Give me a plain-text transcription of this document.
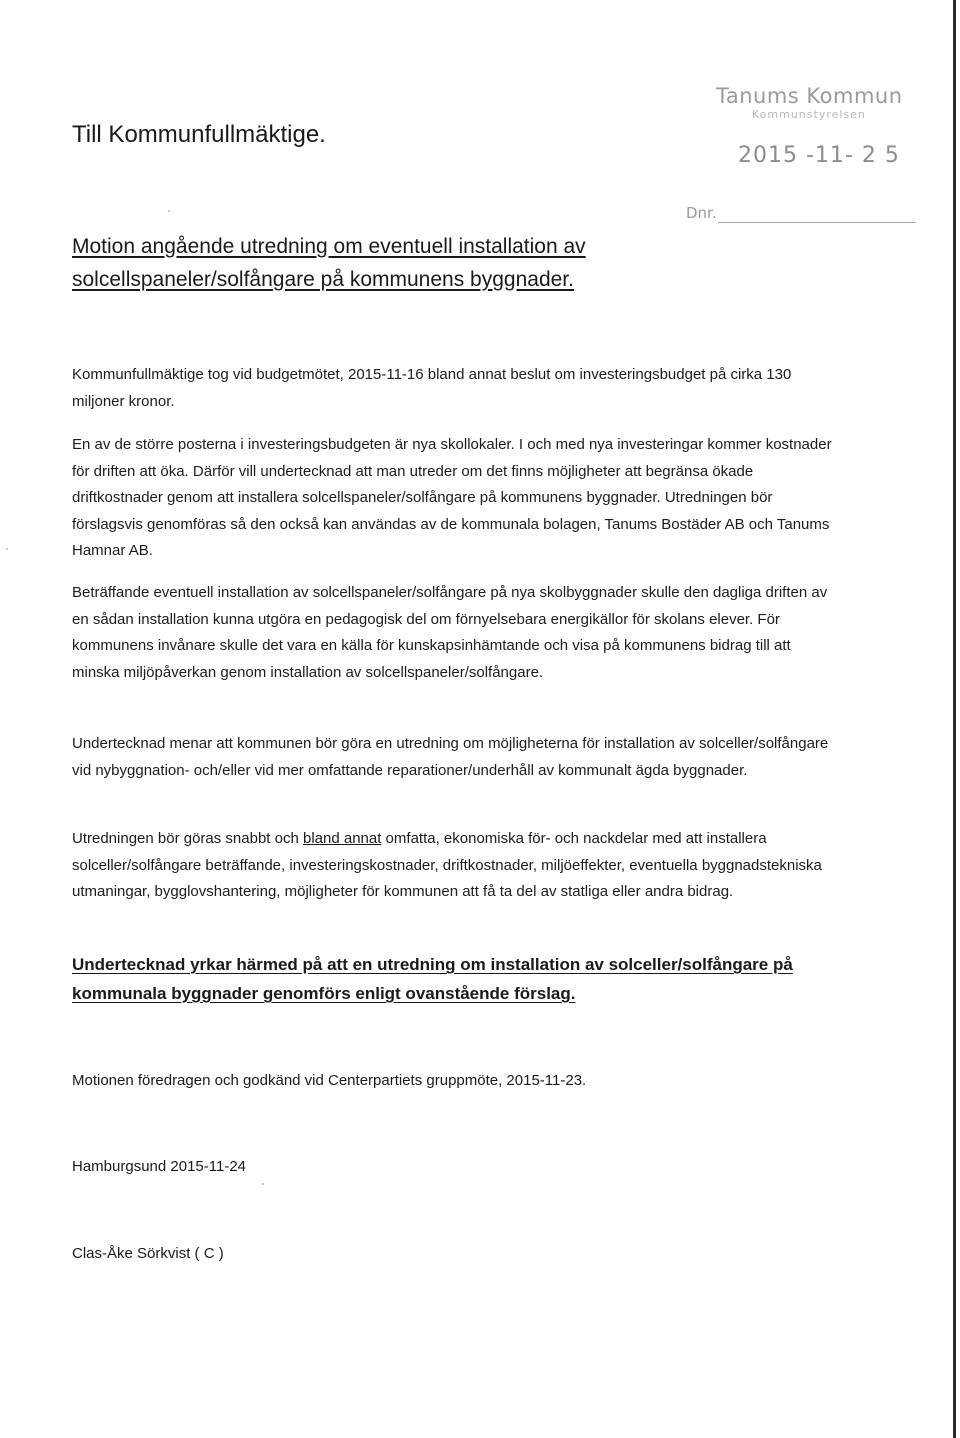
Tanums Kommun
Kommunstyrelsen
2015 -11- 2 5
Dnr.
Till Kommunfullmäktige.
Motion angående utredning om eventuell installation av
solcellspaneler/solfångare på kommunens byggnader.

Kommunfullmäktige tog vid budgetmötet, 2015-11-16 bland annat beslut om investeringsbudget på cirka 130 miljoner kronor.

En av de större posterna i investeringsbudgeten är nya skollokaler. I och med nya investeringar kommer kostnader för driften att öka. Därför vill undertecknad att man utreder om det finns möjligheter att begränsa ökade driftkostnader genom att installera solcellspaneler/solfångare på kommunens byggnader. Utredningen bör förslagsvis genomföras så den också kan användas av de kommunala bolagen, Tanums Bostäder AB och Tanums Hamnar AB.

Beträffande eventuell installation av solcellspaneler/solfångare på nya skolbyggnader skulle den dagliga driften av en sådan installation kunna utgöra en pedagogisk del om förnyelsebara energikällor för skolans elever. För kommunens invånare skulle det vara en källa för kunskapsinhämtande och visa på kommunens bidrag till att minska miljöpåverkan genom installation av solcellspaneler/solfångare.

Undertecknad menar att kommunen bör göra en utredning om möjligheterna för installation av solceller/solfångare vid nybyggnation- och/eller vid mer omfattande reparationer/underhåll av kommunalt ägda byggnader.

Utredningen bör göras snabbt och bland annat omfatta, ekonomiska för- och nackdelar med att installera solceller/solfångare beträffande, investeringskostnader, driftkostnader, miljöeffekter, eventuella byggnadstekniska utmaningar, bygglovshantering, möjligheter för kommunen att få ta del av statliga eller andra bidrag.

Undertecknad yrkar härmed på att en utredning om installation av solceller/solfångare på kommunala byggnader genomförs enligt ovanstående förslag.

Motionen föredragen och godkänd vid Centerpartiets gruppmöte, 2015-11-23.

Hamburgsund 2015-11-24

Clas-Åke Sörkvist ( C )
